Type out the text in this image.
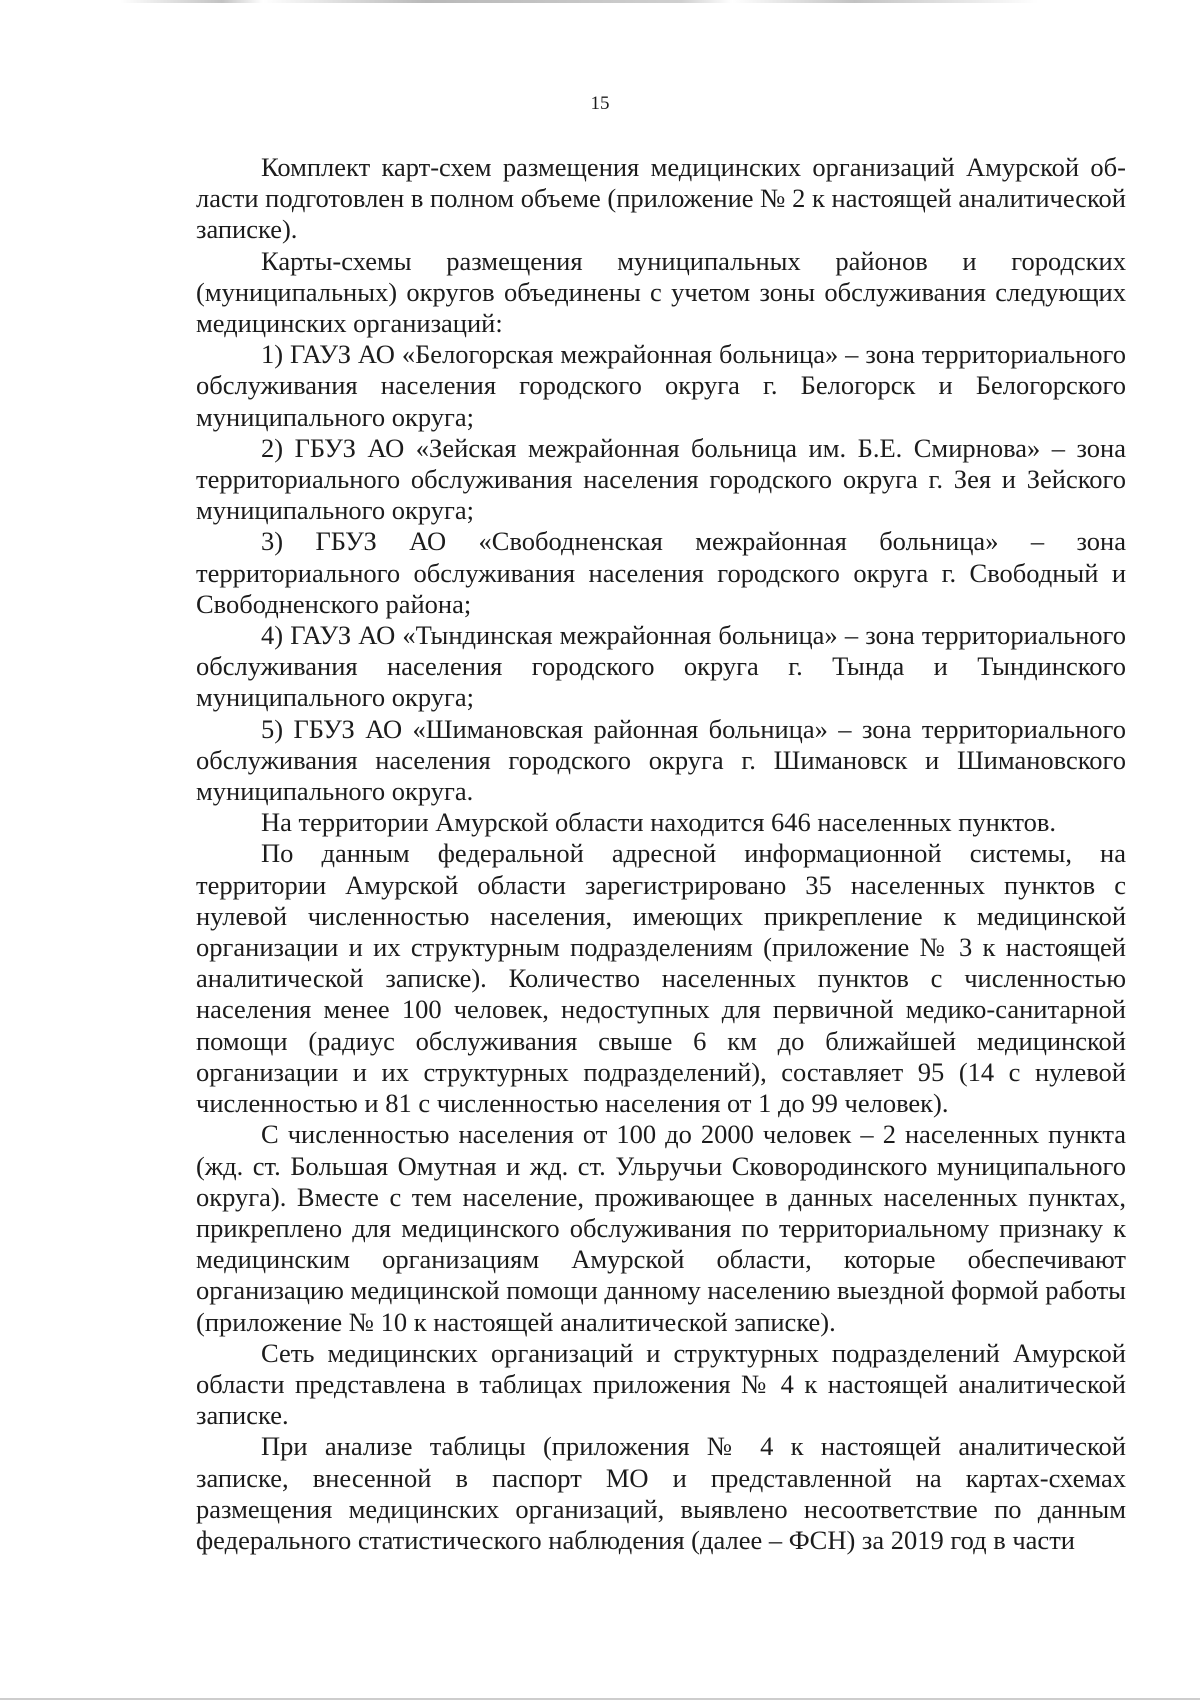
15

Комплект карт-схем размещения медицинских организаций Амурской области подготовлен в полном объеме (приложение № 2 к настоящей аналитической записке).

Карты-схемы размещения муниципальных районов и городских (муниципальных) округов объединены с учетом зоны обслуживания следующих медицинских организаций:

1) ГАУЗ АО «Белогорская межрайонная больница» – зона территориального обслуживания населения городского округа г. Белогорск и Белогорского муниципального округа;

2) ГБУЗ АО «Зейская межрайонная больница им. Б.Е. Смирнова» – зона территориального обслуживания населения городского округа г. Зея и Зейского муниципального округа;

3) ГБУЗ АО «Свободненская межрайонная больница» – зона территориального обслуживания населения городского округа г. Свободный и Свободненского района;

4) ГАУЗ АО «Тындинская межрайонная больница» – зона территориального обслуживания населения городского округа г. Тында и Тындинского муниципального округа;

5) ГБУЗ АО «Шимановская районная больница» – зона территориального обслуживания населения городского округа г. Шимановск и Шимановского муниципального округа.

На территории Амурской области находится 646 населенных пунктов.

По данным федеральной адресной информационной системы, на территории Амурской области зарегистрировано 35 населенных пунктов с нулевой численностью населения, имеющих прикрепление к медицинской организации и их структурным подразделениям (приложение № 3 к настоящей аналитической записке). Количество населенных пунктов с численностью населения менее 100 человек, недоступных для первичной медико-санитарной помощи (радиус обслуживания свыше 6 км до ближайшей медицинской организации и их структурных подразделений), составляет 95 (14 с нулевой численностью и 81 с численностью населения от 1 до 99 человек).

С численностью населения от 100 до 2000 человек – 2 населенных пункта (жд. ст. Большая Омутная и жд. ст. Ульручьи Сковородинского муниципального округа). Вместе с тем население, проживающее в данных населенных пунктах, прикреплено для медицинского обслуживания по территориальному признаку к медицинским организациям Амурской области, которые обеспечивают организацию медицинской помощи данному населению выездной формой работы (приложение № 10 к настоящей аналитической записке).

Сеть медицинских организаций и структурных подразделений Амурской области представлена в таблицах приложения № 4 к настоящей аналитической записке.

При анализе таблицы (приложения № 4 к настоящей аналитической записке, внесенной в паспорт МО и представленной на картах-схемах размещения медицинских организаций, выявлено несоответствие по данным федерального статистического наблюдения (далее – ФСН) за 2019 год в части
